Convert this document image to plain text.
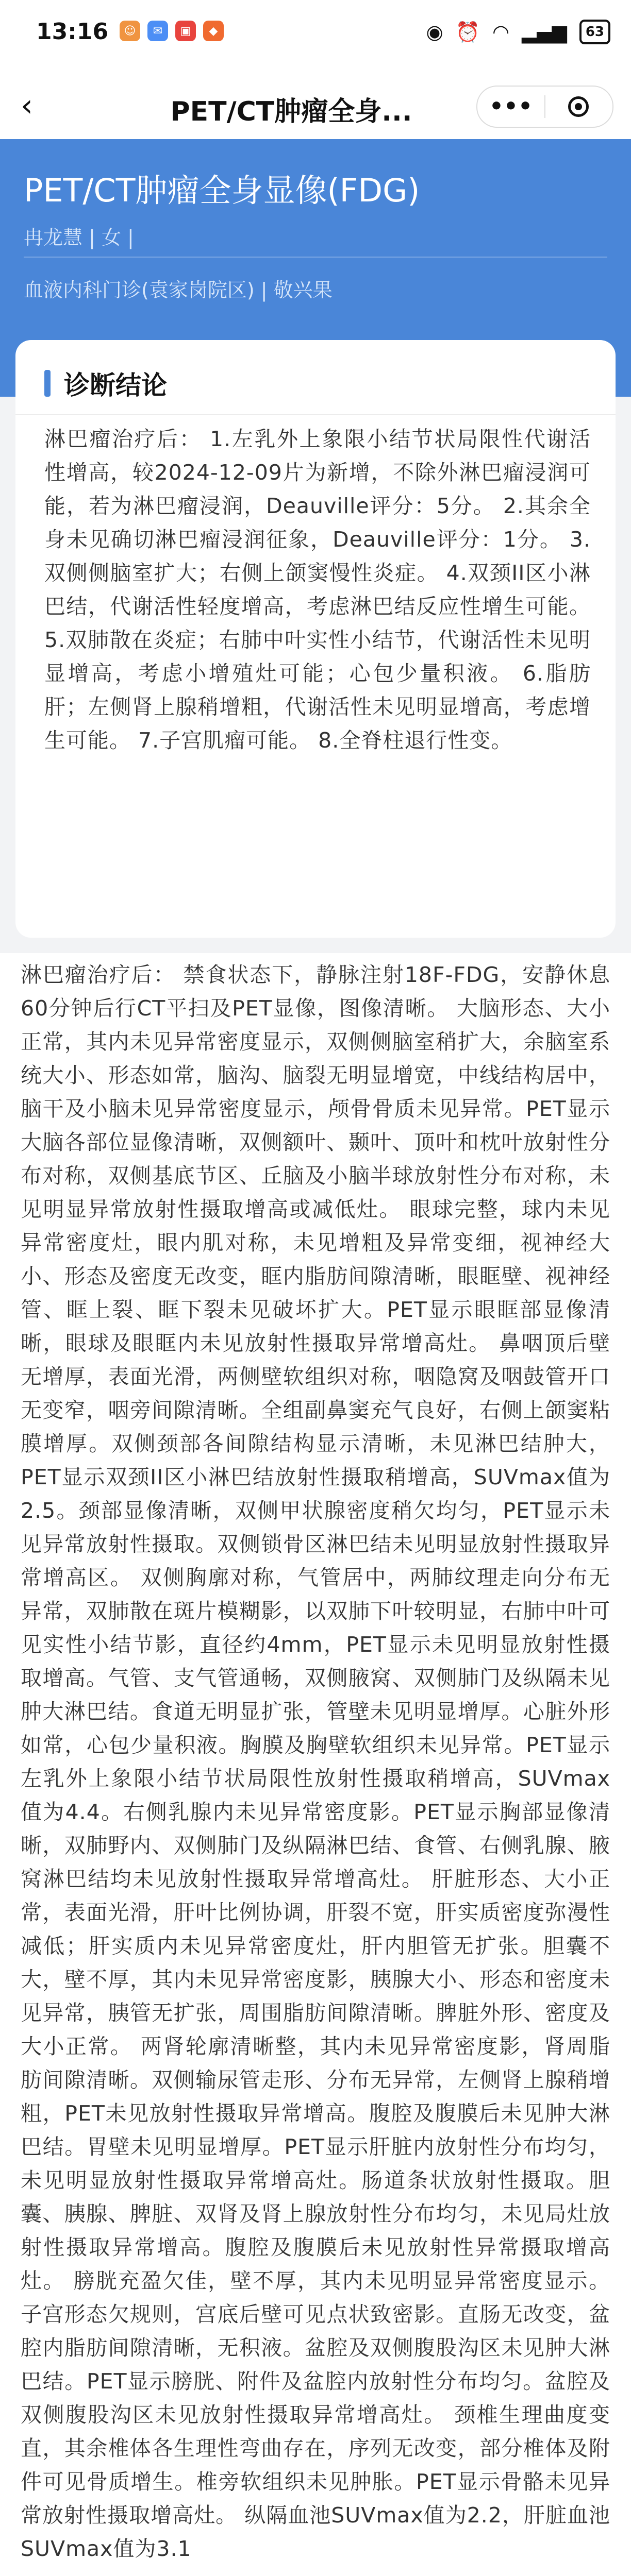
13:16	☺	✉	▣	◆	◉ ⏰ ◠ ▂▄▆	63
‹	PET/CT肿瘤全身...	•••
PET/CT肿瘤全身显像(FDG)
冉龙慧 | 女 |
血液内科门诊(袁家岗院区) | 敬兴果
诊断结论
淋巴瘤治疗后： 1.左乳外上象限小结节状局限性代谢活性增高，较2024-12-09片为新增，不除外淋巴瘤浸润可能，若为淋巴瘤浸润，Deauville评分：5分。 2.其余全身未见确切淋巴瘤浸润征象，Deauville评分：1分。 3.双侧侧脑室扩大；右侧上颌窦慢性炎症。 4.双颈II区小淋巴结，代谢活性轻度增高，考虑淋巴结反应性增生可能。 5.双肺散在炎症；右肺中叶实性小结节，代谢活性未见明显增高，考虑小增殖灶可能；心包少量积液。 6.脂肪肝；左侧肾上腺稍增粗，代谢活性未见明显增高，考虑增生可能。 7.子宫肌瘤可能。 8.全脊柱退行性变。
淋巴瘤治疗后： 禁食状态下，静脉注射18F-FDG，安静休息60分钟后行CT平扫及PET显像，图像清晰。 大脑形态、大小正常，其内未见异常密度显示，双侧侧脑室稍扩大，余脑室系统大小、形态如常，脑沟、脑裂无明显增宽，中线结构居中，脑干及小脑未见异常密度显示，颅骨骨质未见异常。PET显示大脑各部位显像清晰，双侧额叶、颞叶、顶叶和枕叶放射性分布对称，双侧基底节区、丘脑及小脑半球放射性分布对称，未见明显异常放射性摄取增高或减低灶。 眼球完整，球内未见异常密度灶，眼内肌对称，未见增粗及异常变细，视神经大小、形态及密度无改变，眶内脂肪间隙清晰，眼眶壁、视神经管、眶上裂、眶下裂未见破坏扩大。PET显示眼眶部显像清晰，眼球及眼眶内未见放射性摄取异常增高灶。 鼻咽顶后壁无增厚，表面光滑，两侧壁软组织对称，咽隐窝及咽鼓管开口无变窄，咽旁间隙清晰。全组副鼻窦充气良好，右侧上颌窦粘膜增厚。双侧颈部各间隙结构显示清晰，未见淋巴结肿大，PET显示双颈II区小淋巴结放射性摄取稍增高，SUVmax值为2.5。颈部显像清晰，双侧甲状腺密度稍欠均匀，PET显示未见异常放射性摄取。双侧锁骨区淋巴结未见明显放射性摄取异常增高区。 双侧胸廓对称，气管居中，两肺纹理走向分布无异常，双肺散在斑片模糊影，以双肺下叶较明显，右肺中叶可见实性小结节影，直径约4mm，PET显示未见明显放射性摄取增高。气管、支气管通畅，双侧腋窝、双侧肺门及纵隔未见肿大淋巴结。食道无明显扩张，管壁未见明显增厚。心脏外形如常，心包少量积液。胸膜及胸壁软组织未见异常。PET显示左乳外上象限小结节状局限性放射性摄取稍增高，SUVmax值为4.4。右侧乳腺内未见异常密度影。PET显示胸部显像清晰，双肺野内、双侧肺门及纵隔淋巴结、食管、右侧乳腺、腋窝淋巴结均未见放射性摄取异常增高灶。 肝脏形态、大小正常，表面光滑，肝叶比例协调，肝裂不宽，肝实质密度弥漫性减低；肝实质内未见异常密度灶，肝内胆管无扩张。胆囊不大，壁不厚，其内未见异常密度影，胰腺大小、形态和密度未见异常，胰管无扩张，周围脂肪间隙清晰。脾脏外形、密度及大小正常。 两肾轮廓清晰整，其内未见异常密度影，肾周脂肪间隙清晰。双侧输尿管走形、分布无异常，左侧肾上腺稍增粗，PET未见放射性摄取异常增高。腹腔及腹膜后未见肿大淋巴结。胃壁未见明显增厚。PET显示肝脏内放射性分布均匀，未见明显放射性摄取异常增高灶。肠道条状放射性摄取。胆囊、胰腺、脾脏、双肾及肾上腺放射性分布均匀，未见局灶放射性摄取异常增高。腹腔及腹膜后未见放射性异常摄取增高灶。 膀胱充盈欠佳，壁不厚，其内未见明显异常密度显示。子宫形态欠规则，宫底后壁可见点状致密影。直肠无改变，盆腔内脂肪间隙清晰，无积液。盆腔及双侧腹股沟区未见肿大淋巴结。PET显示膀胱、附件及盆腔内放射性分布均匀。盆腔及双侧腹股沟区未见放射性摄取异常增高灶。 颈椎生理曲度变直，其余椎体各生理性弯曲存在，序列无改变，部分椎体及附件可见骨质增生。椎旁软组织未见肿胀。PET显示骨骼未见异常放射性摄取增高灶。 纵隔血池SUVmax值为2.2，肝脏血池SUVmax值为3.1
